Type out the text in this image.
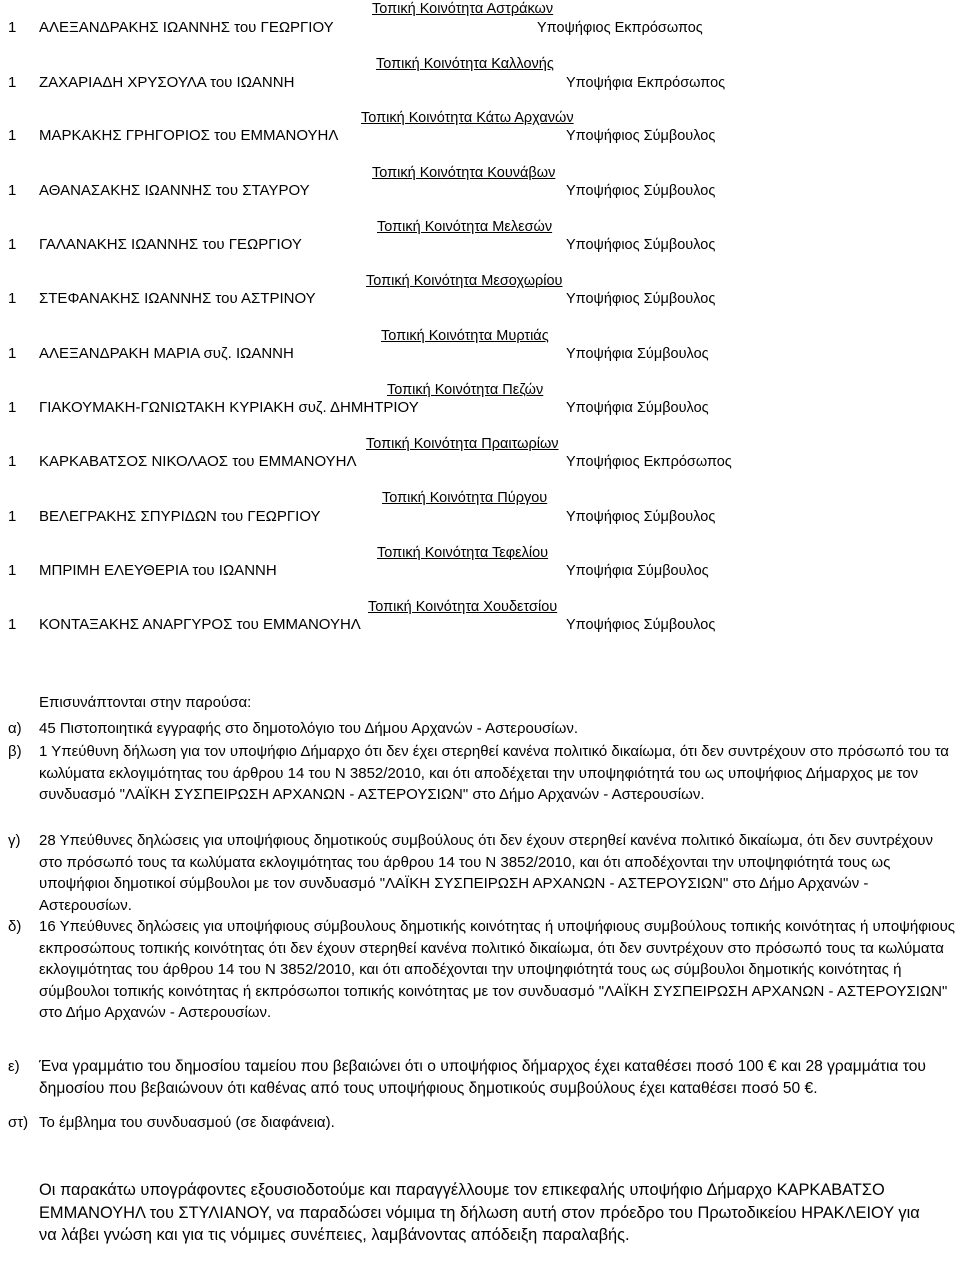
Τοπική Κοινότητα Αστράκων
1 ΑΛΕΞΑΝΔΡΑΚΗΣ ΙΩΑΝΝΗΣ του ΓΕΩΡΓΙΟΥ	Υποψήφιος Εκπρόσωπος
Τοπική Κοινότητα Καλλονής
1 ΖΑΧΑΡΙΑΔΗ ΧΡΥΣΟΥΛΑ του ΙΩΑΝΝΗ	Υποψήφια Εκπρόσωπος
Τοπική Κοινότητα Κάτω Αρχανών
1 ΜΑΡΚΑΚΗΣ ΓΡΗΓΟΡΙΟΣ του ΕΜΜΑΝΟΥΗΛ	Υποψήφιος Σύμβουλος
Τοπική Κοινότητα Κουνάβων
1 ΑΘΑΝΑΣΑΚΗΣ ΙΩΑΝΝΗΣ του ΣΤΑΥΡΟΥ	Υποψήφιος Σύμβουλος
Τοπική Κοινότητα Μελεσών
1 ΓΑΛΑΝΑΚΗΣ ΙΩΑΝΝΗΣ του ΓΕΩΡΓΙΟΥ	Υποψήφιος Σύμβουλος
Τοπική Κοινότητα Μεσοχωρίου
1 ΣΤΕΦΑΝΑΚΗΣ ΙΩΑΝΝΗΣ του ΑΣΤΡΙΝΟΥ	Υποψήφιος Σύμβουλος
Τοπική Κοινότητα Μυρτιάς
1 ΑΛΕΞΑΝΔΡΑΚΗ ΜΑΡΙΑ συζ. ΙΩΑΝΝΗ	Υποψήφια Σύμβουλος
Τοπική Κοινότητα Πεζών
1 ΓΙΑΚΟΥΜΑΚΗ-ΓΩΝΙΩΤΑΚΗ ΚΥΡΙΑΚΗ συζ. ΔΗΜΗΤΡΙΟΥ	Υποψήφια Σύμβουλος
Τοπική Κοινότητα Πραιτωρίων
1 ΚΑΡΚΑΒΑΤΣΟΣ ΝΙΚΟΛΑΟΣ του ΕΜΜΑΝΟΥΗΛ	Υποψήφιος Εκπρόσωπος
Τοπική Κοινότητα Πύργου
1 ΒΕΛΕΓΡΑΚΗΣ ΣΠΥΡΙΔΩΝ του ΓΕΩΡΓΙΟΥ	Υποψήφιος Σύμβουλος
Τοπική Κοινότητα Τεφελίου
1 ΜΠΡΙΜΗ ΕΛΕΥΘΕΡΙΑ του ΙΩΑΝΝΗ	Υποψήφια Σύμβουλος
Τοπική Κοινότητα Χουδετσίου
1 ΚΟΝΤΑΞΑΚΗΣ ΑΝΑΡΓΥΡΟΣ του ΕΜΜΑΝΟΥΗΛ	Υποψήφιος Σύμβουλος
Επισυνάπτονται στην παρούσα:
α) 45 Πιστοποιητικά εγγραφής στο δημοτολόγιο του Δήμου Αρχανών - Αστερουσίων.
β) 1 Υπεύθυνη δήλωση για τον υποψήφιο Δήμαρχο ότι δεν έχει στερηθεί κανένα πολιτικό δικαίωμα, ότι δεν συντρέχουν στο πρόσωπό του τα κωλύματα εκλογιμότητας του άρθρου 14 του Ν 3852/2010, και ότι αποδέχεται την υποψηφιότητά του ως υποψήφιος Δήμαρχος με τον συνδυασμό "ΛΑΪΚΗ ΣΥΣΠΕΙΡΩΣΗ ΑΡΧΑΝΩΝ - ΑΣΤΕΡΟΥΣΙΩΝ" στο Δήμο Αρχανών - Αστερουσίων.
γ) 28 Υπεύθυνες δηλώσεις για υποψήφιους δημοτικούς συμβούλους ότι δεν έχουν στερηθεί κανένα πολιτικό δικαίωμα, ότι δεν συντρέχουν στο πρόσωπό τους τα κωλύματα εκλογιμότητας του άρθρου 14 του Ν 3852/2010, και ότι αποδέχονται την υποψηφιότητά τους ως υποψήφιοι δημοτικοί σύμβουλοι με τον συνδυασμό "ΛΑΪΚΗ ΣΥΣΠΕΙΡΩΣΗ ΑΡΧΑΝΩΝ - ΑΣΤΕΡΟΥΣΙΩΝ" στο Δήμο Αρχανών - Αστερουσίων.
δ) 16 Υπεύθυνες δηλώσεις για υποψήφιους σύμβουλους δημοτικής κοινότητας ή υποψήφιους συμβούλους τοπικής κοινότητας ή υποψήφιους εκπροσώπους τοπικής κοινότητας ότι δεν έχουν στερηθεί κανένα πολιτικό δικαίωμα, ότι δεν συντρέχουν στο πρόσωπό τους τα κωλύματα εκλογιμότητας του άρθρου 14 του Ν 3852/2010, και ότι αποδέχονται την υποψηφιότητά τους ως σύμβουλοι δημοτικής κοινότητας ή σύμβουλοι τοπικής κοινότητας ή εκπρόσωποι τοπικής κοινότητας με τον συνδυασμό "ΛΑΪΚΗ ΣΥΣΠΕΙΡΩΣΗ ΑΡΧΑΝΩΝ - ΑΣΤΕΡΟΥΣΙΩΝ" στο Δήμο Αρχανών - Αστερουσίων.
ε) Ένα γραμμάτιο του δημοσίου ταμείου που βεβαιώνει ότι ο υποψήφιος δήμαρχος έχει καταθέσει ποσό 100 € και 28 γραμμάτια του δημοσίου που βεβαιώνουν ότι καθένας από τους υποψήφιους δημοτικούς συμβούλους έχει καταθέσει ποσό 50 €.
στ) Το έμβλημα του συνδυασμού (σε διαφάνεια).
Οι παρακάτω υπογράφοντες εξουσιοδοτούμε και παραγγέλλουμε τον επικεφαλής υποψήφιο Δήμαρχο ΚΑΡΚΑΒΑΤΣΟ ΕΜΜΑΝΟΥΗΛ του ΣΤΥΛΙΑΝΟΥ, να παραδώσει νόμιμα τη δήλωση αυτή στον πρόεδρο του Πρωτοδικείου ΗΡΑΚΛΕΙΟΥ για να λάβει γνώση και για τις νόμιμες συνέπειες, λαμβάνοντας απόδειξη παραλαβής.
